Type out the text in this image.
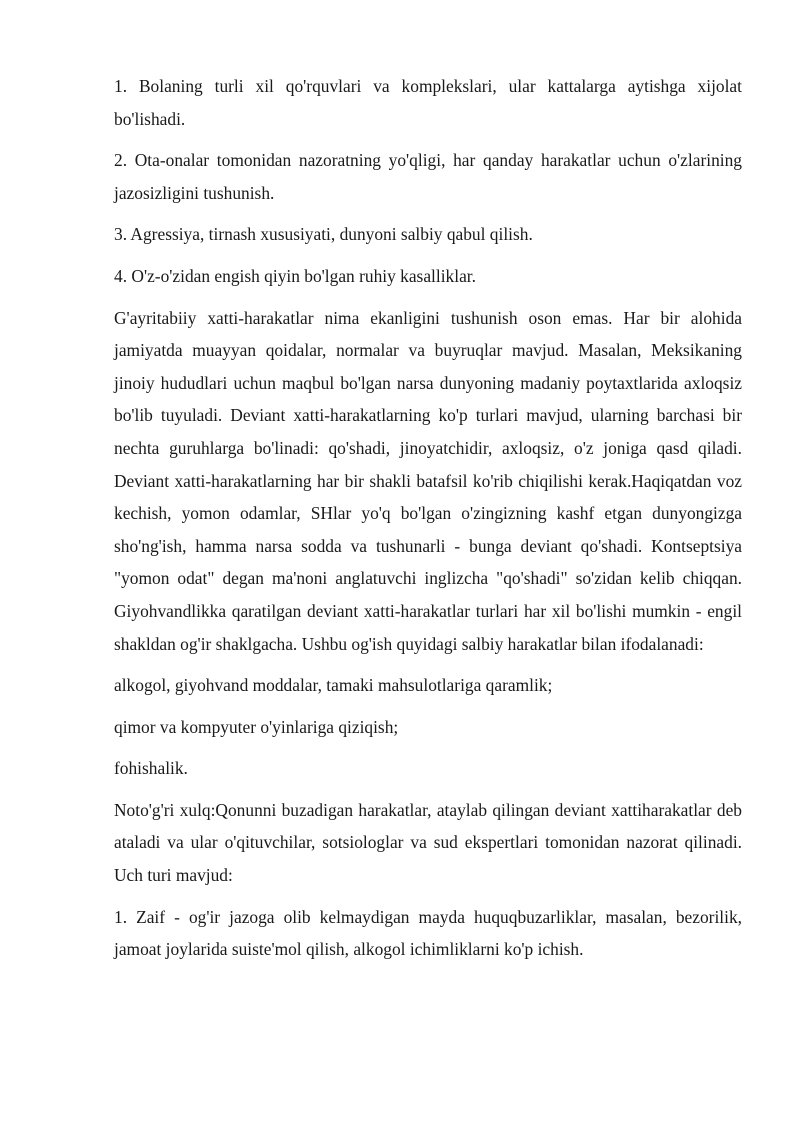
1. Bolaning turli xil qo'rquvlari va komplekslari, ular kattalarga aytishga xijolat bo'lishadi.

2. Ota-onalar tomonidan nazoratning yo'qligi, har qanday harakatlar uchun o'zlarining jazosizligini tushunish.

3. Agressiya, tirnash xususiyati, dunyoni salbiy qabul qilish.

4. O'z-o'zidan engish qiyin bo'lgan ruhiy kasalliklar.

G'ayritabiiy xatti-harakatlar nima ekanligini tushunish oson emas. Har bir alohida jamiyatda muayyan qoidalar, normalar va buyruqlar mavjud. Masalan, Meksikaning jinoiy hududlari uchun maqbul bo'lgan narsa dunyoning madaniy poytaxtlarida axloqsiz bo'lib tuyuladi. Deviant xatti-harakatlarning ko'p turlari mavjud, ularning barchasi bir nechta guruhlarga bo'linadi: qo'shadi, jinoyatchidir, axloqsiz, o'z joniga qasd qiladi. Deviant xatti-harakatlarning har bir shakli batafsil ko'rib chiqilishi kerak.Haqiqatdan voz kechish, yomon odamlar, SHlar yo'q bo'lgan o'zingizning kashf etgan dunyongizga sho'ng'ish, hamma narsa sodda va tushunarli - bunga deviant qo'shadi. Kontseptsiya "yomon odat" degan ma'noni anglatuvchi inglizcha "qo'shadi" so'zidan kelib chiqqan. Giyohvandlikka qaratilgan deviant xatti-harakatlar turlari har xil bo'lishi mumkin - engil shakldan og'ir shaklgacha. Ushbu og'ish quyidagi salbiy harakatlar bilan ifodalanadi:

alkogol, giyohvand moddalar, tamaki mahsulotlariga qaramlik;

qimor va kompyuter o'yinlariga qiziqish;

fohishalik.

Noto'g'ri xulq:Qonunni buzadigan harakatlar, ataylab qilingan deviant xattiharakatlar deb ataladi va ular o'qituvchilar, sotsiologlar va sud ekspertlari tomonidan nazorat qilinadi. Uch turi mavjud:

1. Zaif - og'ir jazoga olib kelmaydigan mayda huquqbuzarliklar, masalan, bezorilik, jamoat joylarida suiste'mol qilish, alkogol ichimliklarni ko'p ichish.
